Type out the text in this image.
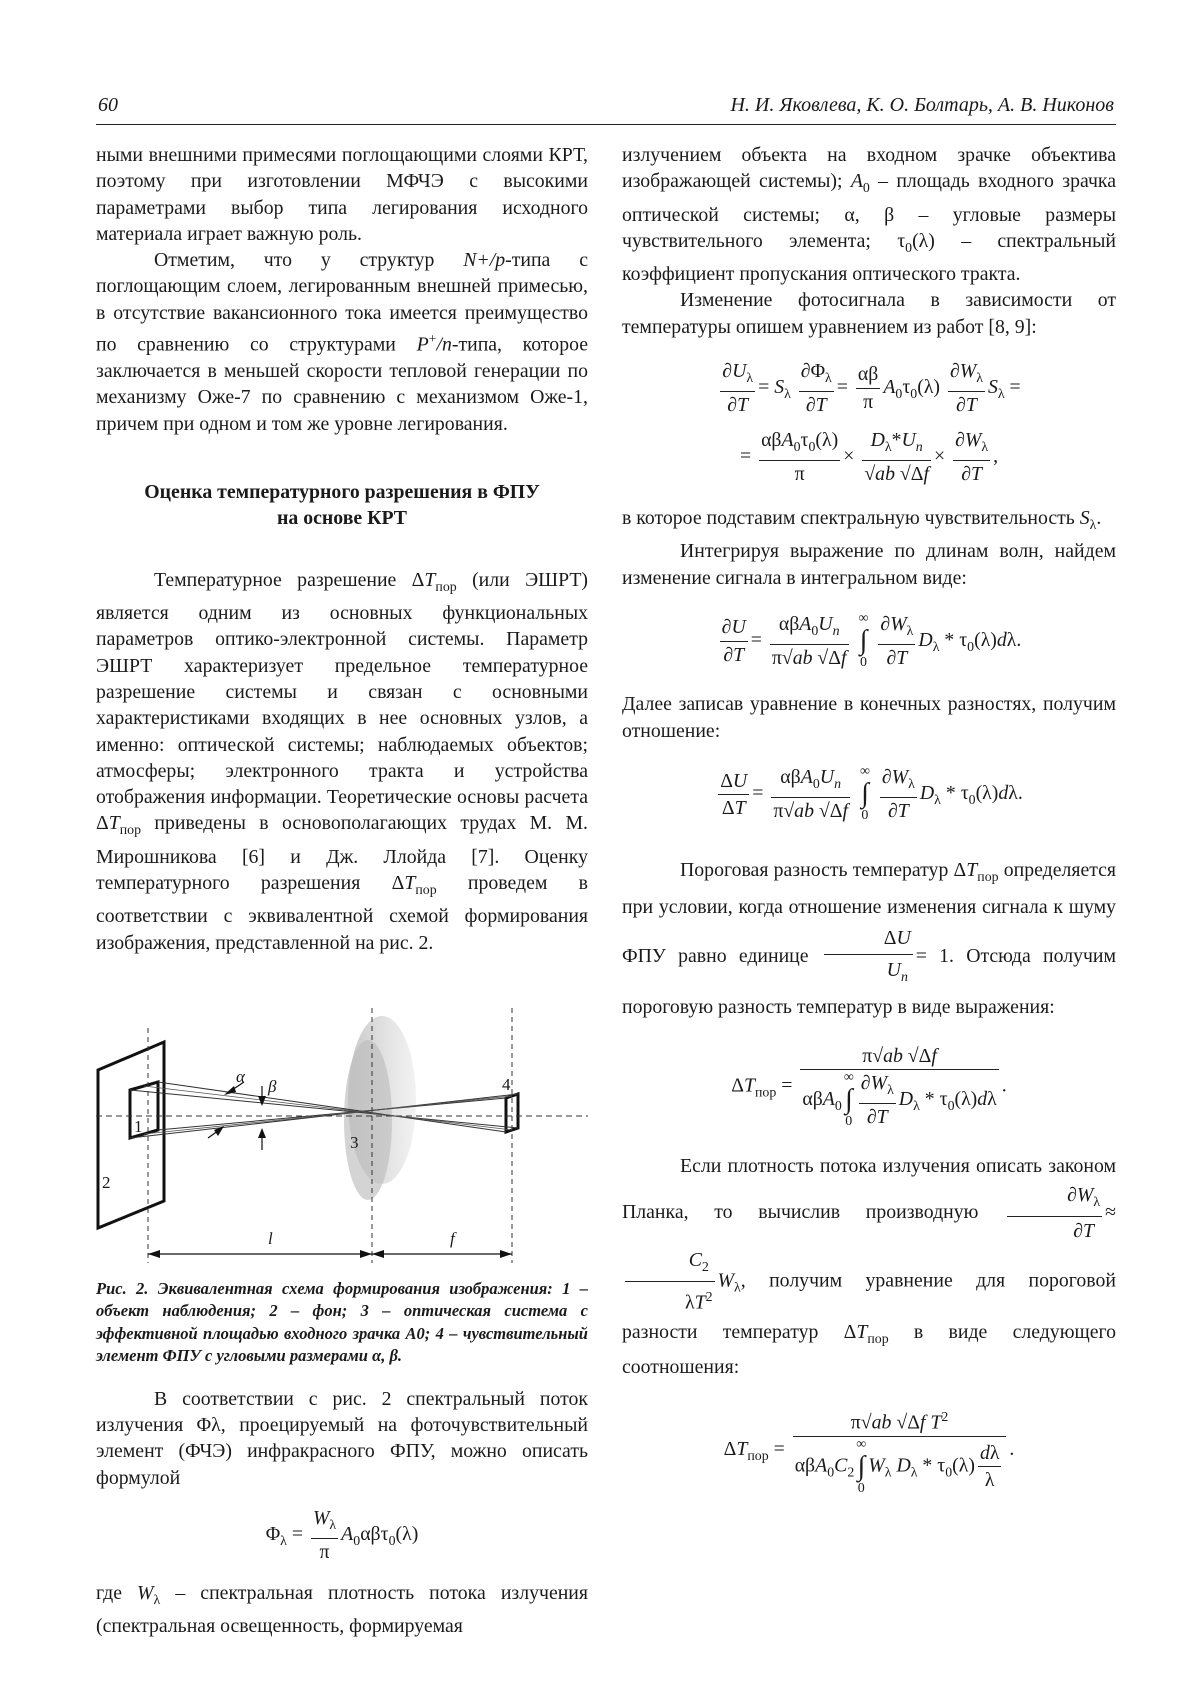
60	Н. И. Яковлева, К. О. Болтарь, А. В. Никонов

ными внешними примесями поглощающими слоями КРТ, поэтому при изготовлении МФЧЭ с высокими параметрами выбор типа легирования исходного материала играет важную роль.

Отметим, что у структур N+/p-типа с поглощающим слоем, легированным внешней примесью, в отсутствие вакансионного тока имеется преимущество по сравнению со структурами P+/n-типа, которое заключается в меньшей скорости тепловой генерации по механизму Оже-7 по сравнению с механизмом Оже-1, причем при одном и том же уровне легирования.

Оценка температурного разрешения в ФПУ
на основе КРТ

Температурное разрешение $\Delta T_{пор}$ (или ЭШРТ) является одним из основных функциональных параметров оптико-электронной системы. Параметр ЭШРТ характеризует предельное температурное разрешение системы и связан с основными характеристиками входящих в нее основных узлов, а именно: оптической системы; наблюдаемых объектов; атмосферы; электронного тракта и устройства отображения информации. Теоретические основы расчета $\Delta T_{пор}$ приведены в основополагающих трудах М. М. Мирошникова [6] и Дж. Ллойда [7]. Оценку температурного разрешения $\Delta T_{пор}$ проведем в соответствии с эквивалентной схемой формирования изображения, представленной на рис. 2.

α
β
1
2
3
4
l	f

Рис. 2. Эквивалентная схема формирования изображения: 1 – объект наблюдения; 2 – фон; 3 – оптическая система с эффективной площадью входного зрачка A0; 4 – чувствительный элемент ФПУ с угловыми размерами α, β.

В соответствии с рис. 2 спектральный поток излучения Φλ, проецируемый на фоточувствительный элемент (ФЧЭ) инфракрасного ФПУ, можно описать формулой

$\Phi_\lambda = \frac{W_\lambda}{\pi} A_0\alpha\beta\tau_0(\lambda)$

где $W_\lambda$ – спектральная плотность потока излучения (спектральная освещенность, формируемая

излучением объекта на входном зрачке объектива изображающей системы); $A_0$ – площадь входного зрачка оптической системы; α, β – угловые размеры чувствительного элемента; $\tau_0(\lambda)$ – спектральный коэффициент пропускания оптического тракта.

Изменение фотосигнала в зависимости от температуры опишем уравнением из работ [8, 9]:

$\frac{\partial U_\lambda}{\partial T} = S_\lambda \frac{\partial\Phi_\lambda}{\partial T} = \frac{\alpha\beta}{\pi} A_0\tau_0(\lambda) \frac{\partial W_\lambda}{\partial T} S_\lambda$ =
= $\frac{\alpha\beta A_0\tau_0(\lambda)}{\pi} \times \frac{D_\lambda*U_n}{√ab √\Delta f} \times \frac{\partial W_\lambda}{\partial T}$ ,

в которое подставим спектральную чувствительность $S_\lambda$.

Интегрируя выражение по длинам волн, найдем изменение сигнала в интегральном виде:

$\frac{\partial U}{\partial T} = \frac{\alpha\beta A_0U_n}{\pi√ab √\Delta f}$ ∞
∫
$0 \frac{\partial W_\lambda}{\partial T} D_\lambda * \tau_0(\lambda)d\lambda$.

Далее записав уравнение в конечных разностях, получим отношение:

$\frac{\Delta U}{\Delta T} = \frac{\alpha\beta A_0U_n}{\pi√ab √\Delta f}$ ∞
∫
$0 \frac{\partial W_\lambda}{\partial T} D_\lambda * \tau_0(\lambda)d\lambda$.

Пороговая разность температур $\Delta T_{пор}$ определяется при условии, когда отношение изменения сигнала к шуму ФПУ равно единице $\frac{\Delta U}{U_n} = 1$. Отсюда получим пороговую разность температур в виде выражения:

$\Delta T_{пор} = \pi√ab$ √Δf
αβA$_0$∞
∫
$0 \frac{\partial W_\lambda}{\partial T} D_\lambda * \tau_0(\lambda)d\lambda$ .

Если плотность потока излучения описать законом Планка, то вычислив производную $\frac{\partial W_\lambda}{\partial T}$ ≈
$\frac{C_2}{\lambda T^2} W_\lambda$, получим уравнение для пороговой разности температур $\Delta T_{пор}$ в виде следующего соотношения:

$\Delta T_{пор} = \pi√ab$ √Δf $T^2$
$\alpha\beta A_0C_2\infty$
∫
$0W_\lambda$ $D_\lambda * \tau_0(\lambda) \frac{d\lambda}{\lambda}$ .
